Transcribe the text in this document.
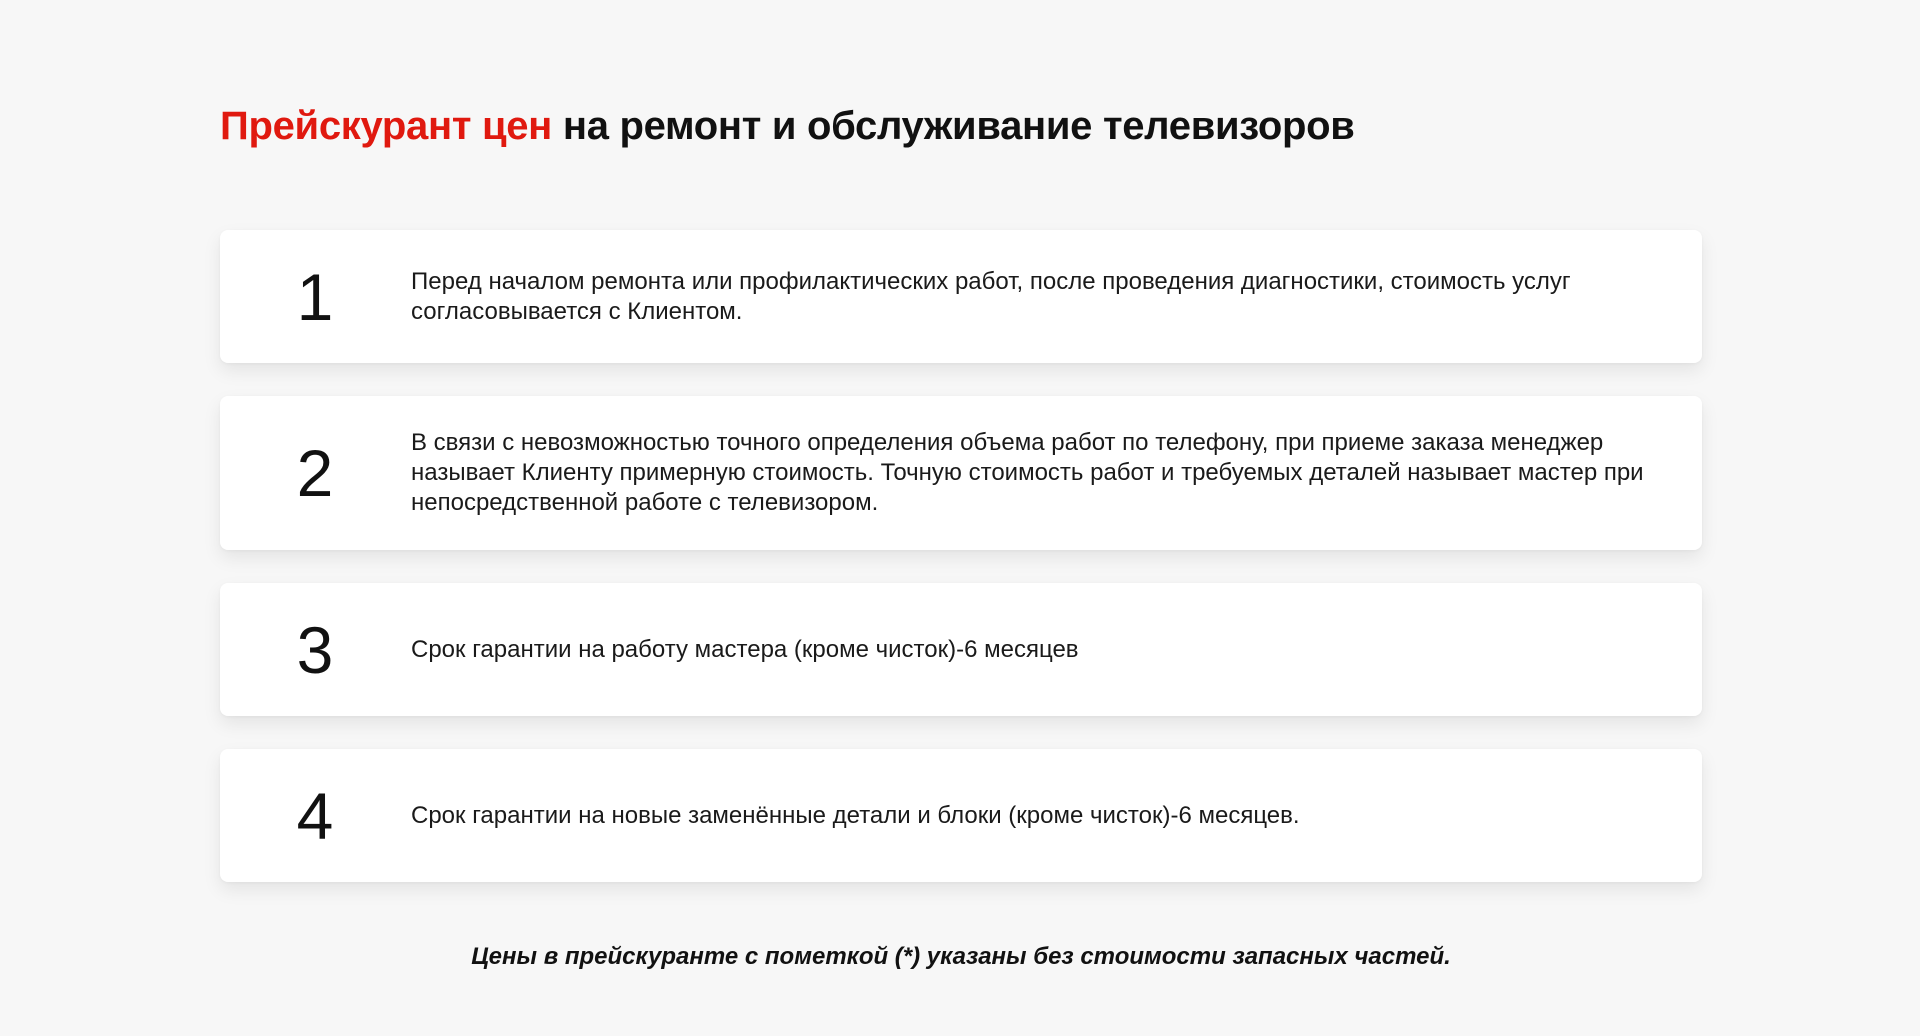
Прейскурант цен на ремонт и обслуживание телевизоров
1	Перед началом ремонта или профилактических работ, после проведения диагностики, стоимость услуг согласовывается с Клиентом.
2	В связи с невозможностью точного определения объема работ по телефону, при приеме заказа менеджер называет Клиенту примерную стоимость. Точную стоимость работ и требуемых деталей называет мастер при непосредственной работе с телевизором.
3	Срок гарантии на работу мастера (кроме чисток)-6 месяцев
4	Срок гарантии на новые заменённые детали и блоки (кроме чисток)-6 месяцев.

Цены в прейскуранте с пометкой (*) указаны без стоимости запасных частей.
